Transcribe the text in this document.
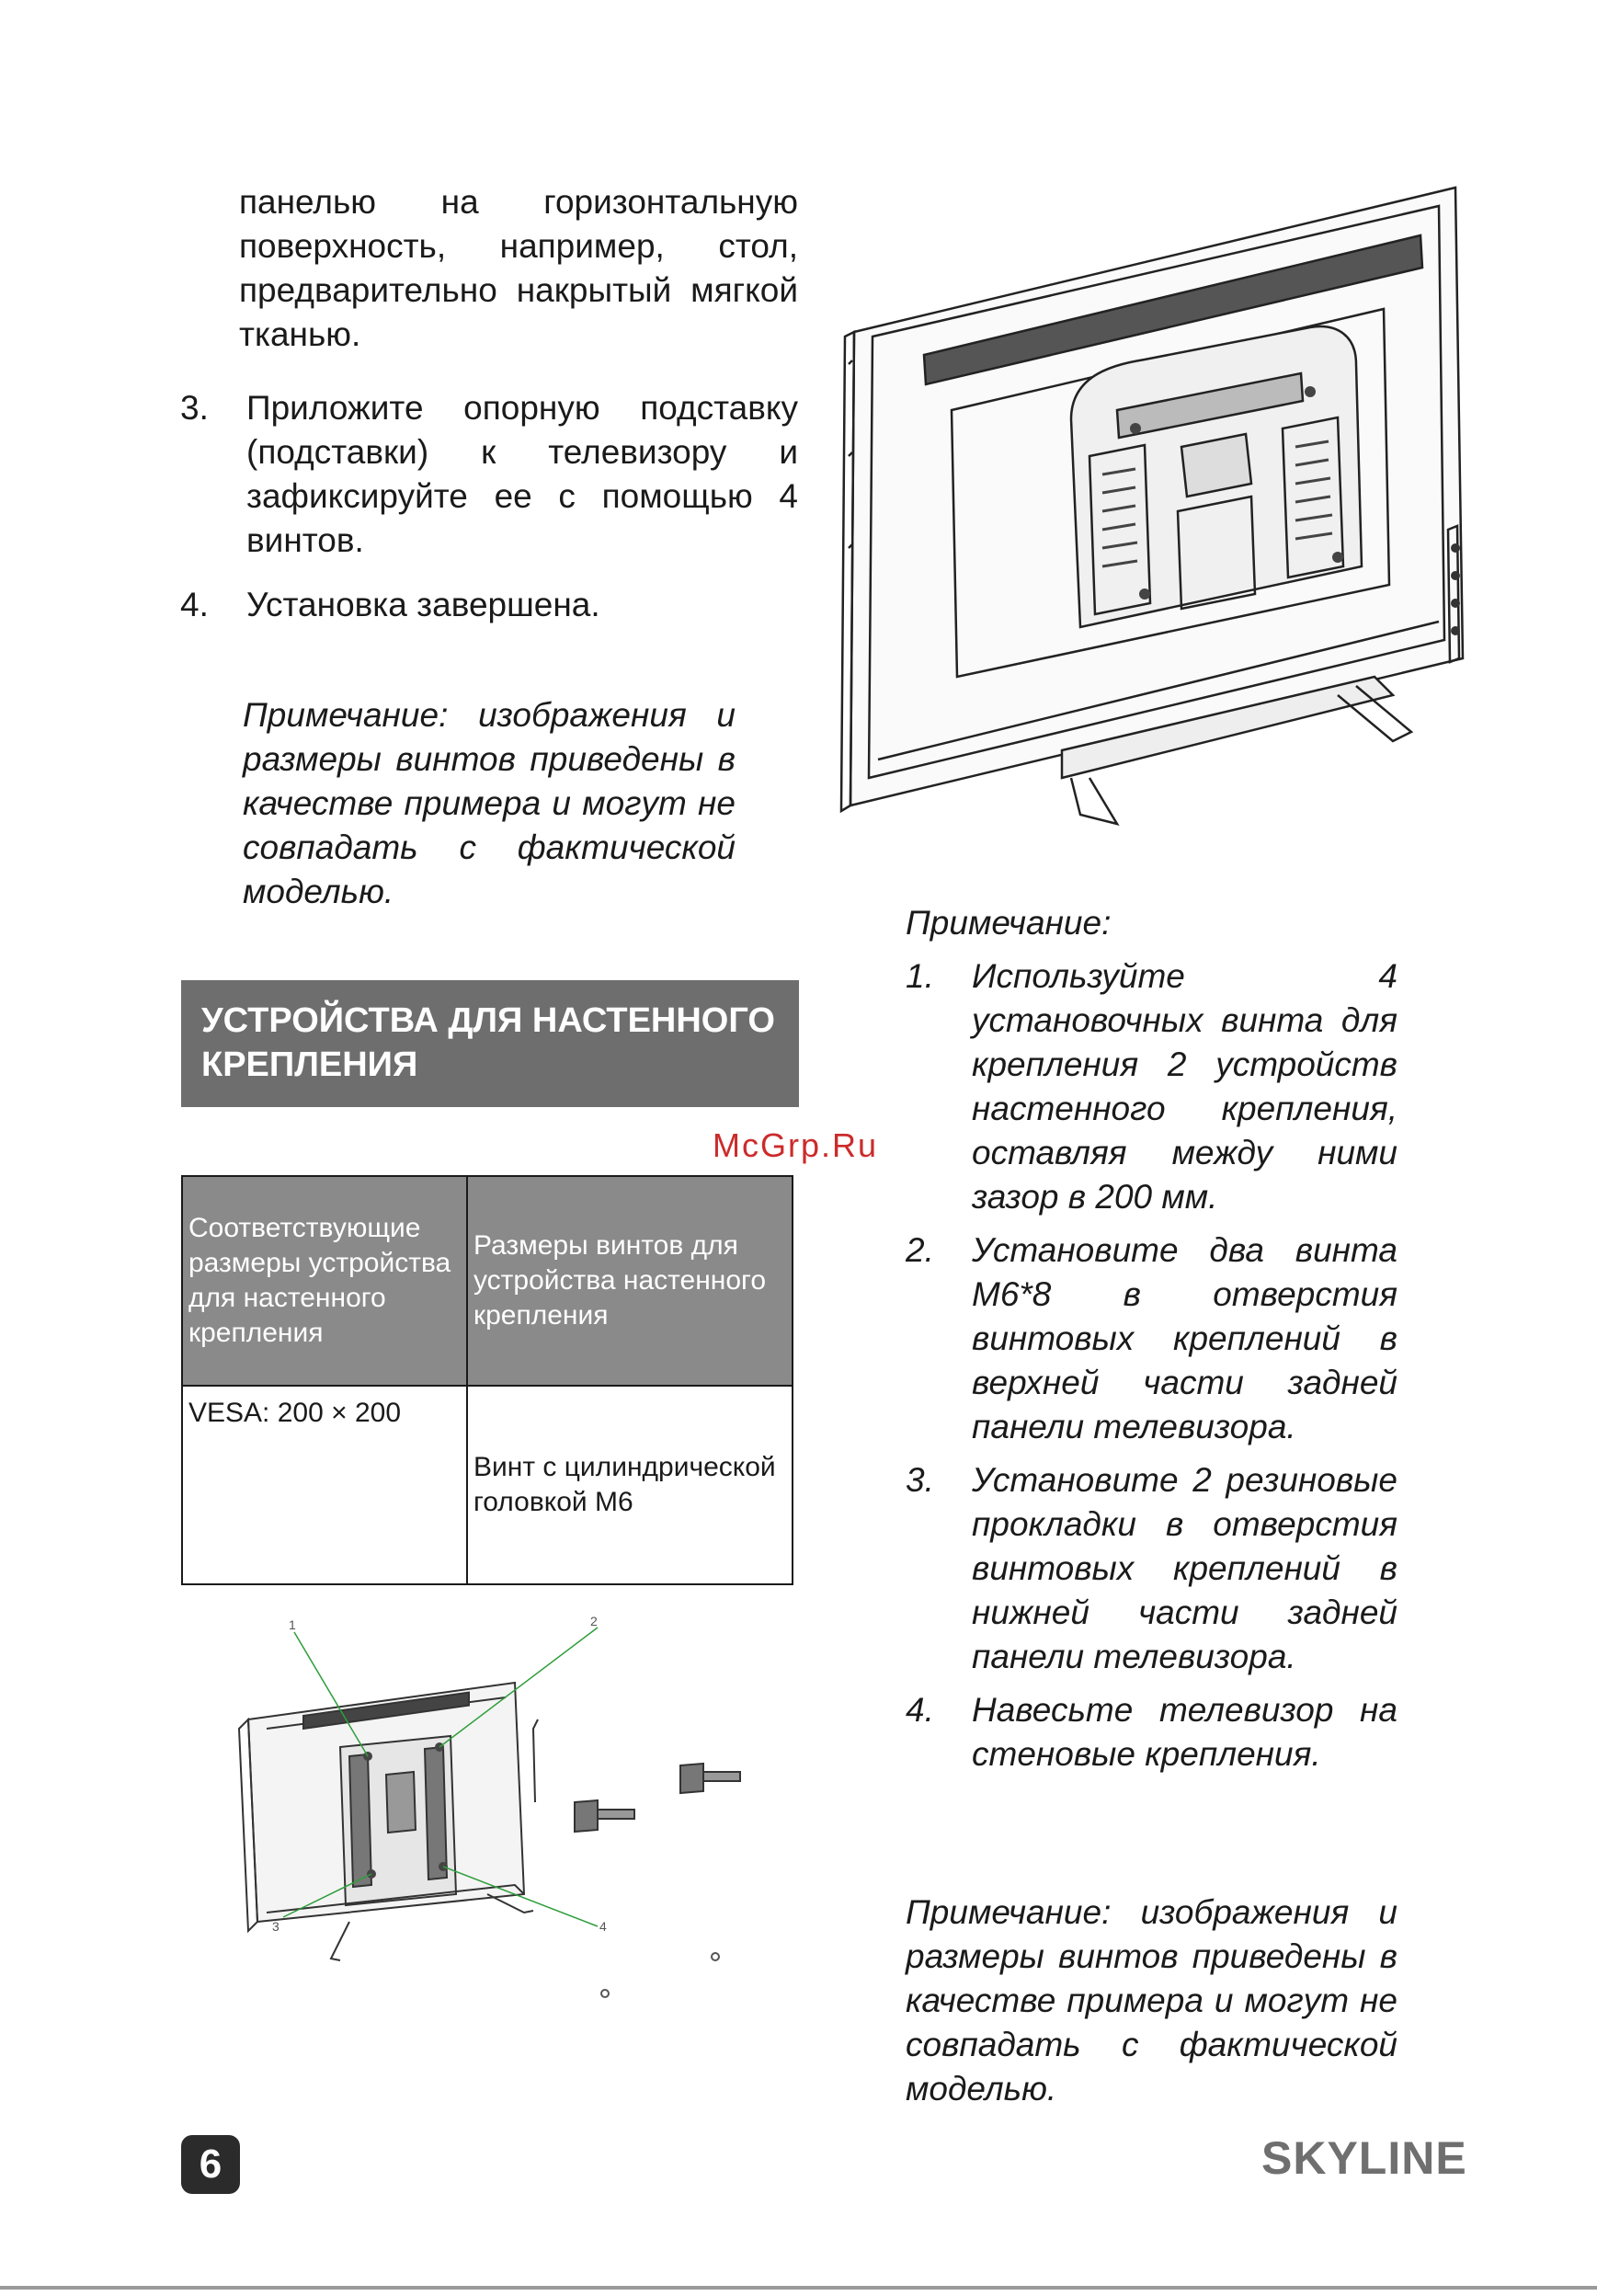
панелью на горизонтальную поверхность, например, стол, предварительно накрытый мягкой тканью.
3. Приложите опорную подставку (подставки) к телевизору и зафиксируйте ее с помощью 4 винтов.
4. Установка завершена.
Примечание: изображения и размеры винтов приведены в качестве примера и могут не совпадать с фактической моделью.
УСТРОЙСТВА ДЛЯ НАСТЕННОГО КРЕПЛЕНИЯ
Соответствующие размеры устройства для настенного крепления	Размеры винтов для устройства настенного крепления
VESA: 200 × 200	Винт с цилиндрической головкой М6
1	2
3	4
McGrp.Ru
Примечание:
1. Используйте 4 установочных винта для крепления 2 устройств настенного крепления, оставляя между ними зазор в 200 мм.
2. Установите два винта М6*8 в отверстия винтовых креплений в верхней части задней панели телевизора.
3. Установите 2 резиновые прокладки в отверстия винтовых креплений в нижней части задней панели телевизора.
4. Навесьте телевизор на стеновые крепления.
Примечание: изображения и размеры винтов приведены в качестве примера и могут не совпадать с фактической моделью.
6	SKYLINE
